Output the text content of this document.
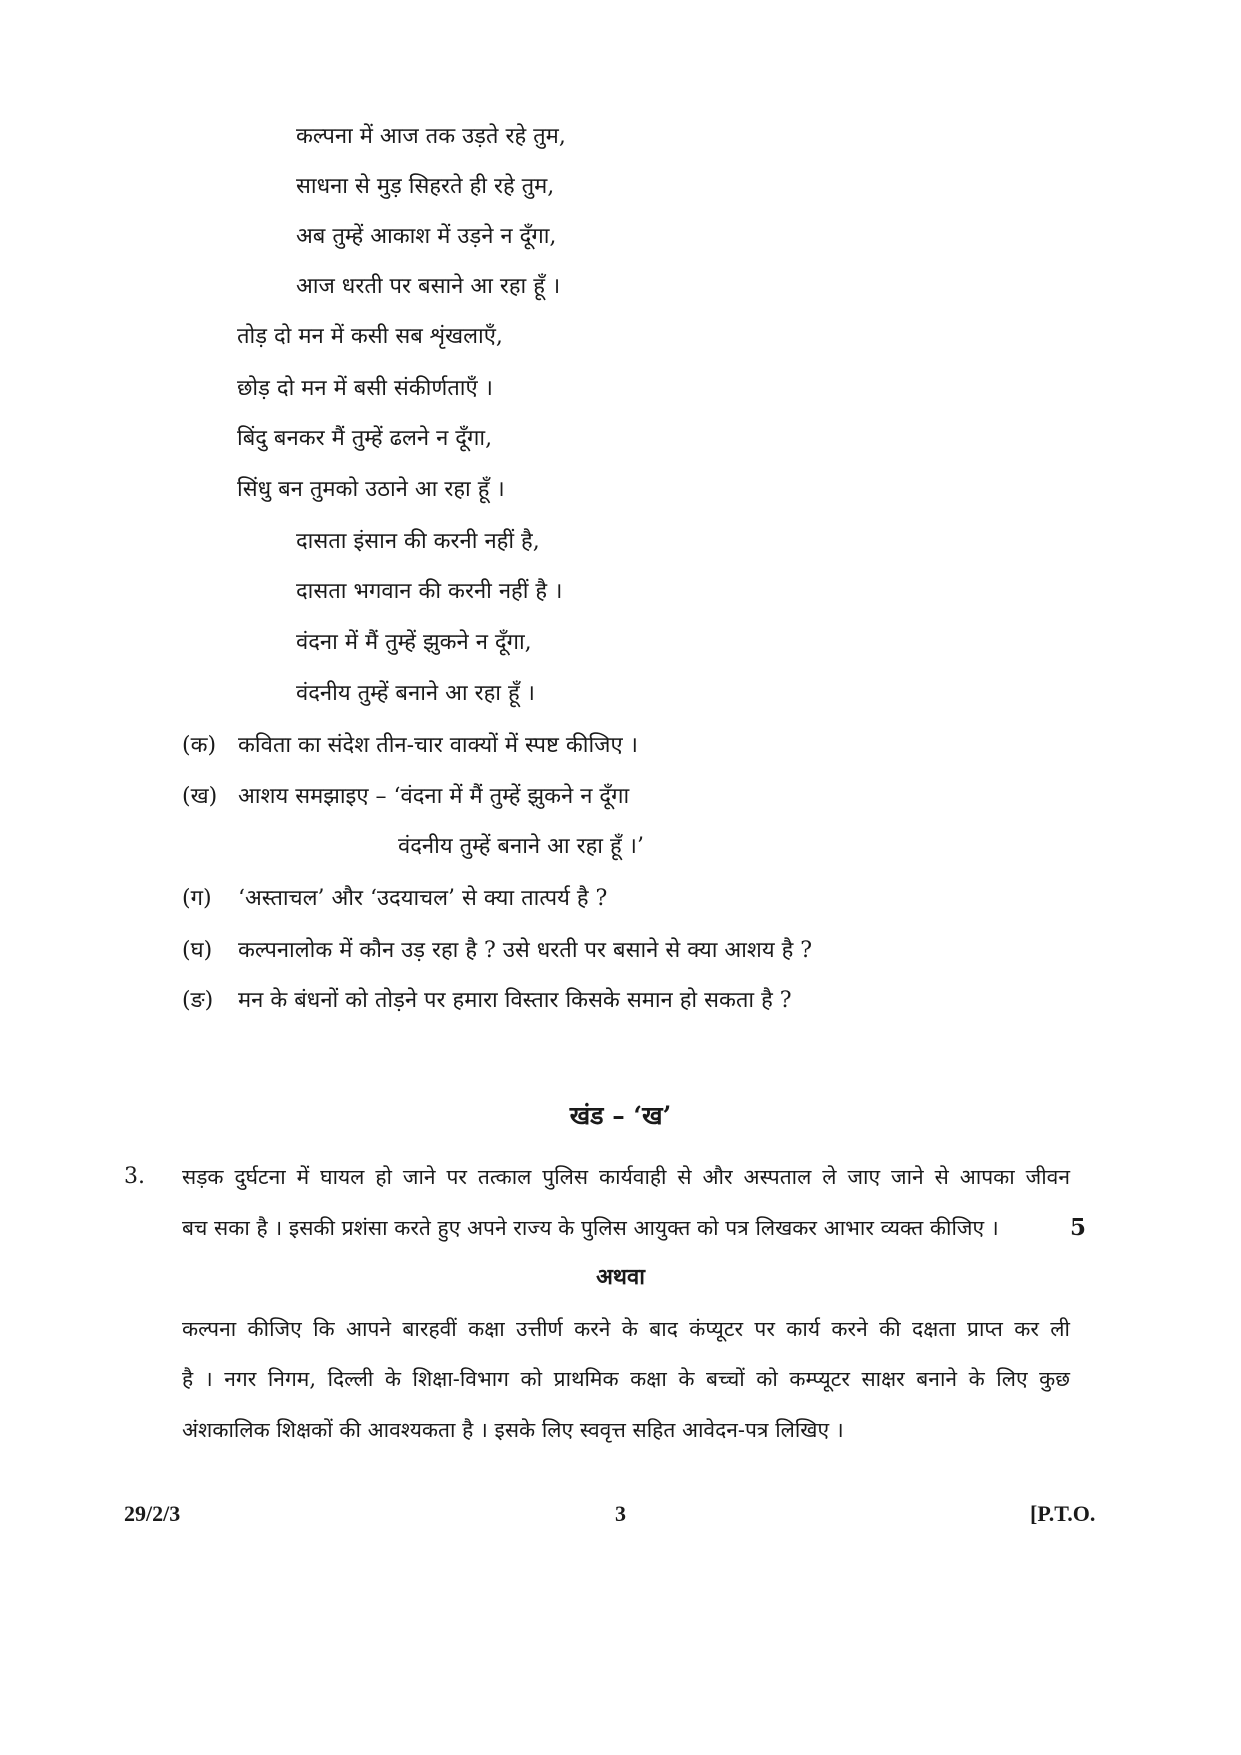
कल्पना में आज तक उड़ते रहे तुम,
साधना से मुड़ सिहरते ही रहे तुम,
अब तुम्हें आकाश में उड़ने न दूँगा,
आज धरती पर बसाने आ रहा हूँ ।
तोड़ दो मन में कसी सब शृंखलाएँ,
छोड़ दो मन में बसी संकीर्णताएँ ।
बिंदु बनकर मैं तुम्हें ढलने न दूँगा,
सिंधु बन तुमको उठाने आ रहा हूँ ।
दासता इंसान की करनी नहीं है,
दासता भगवान की करनी नहीं है ।
वंदना में मैं तुम्हें झुकने न दूँगा,
वंदनीय तुम्हें बनाने आ रहा हूँ ।
(क) कविता का संदेश तीन-चार वाक्यों में स्पष्ट कीजिए ।
(ख) आशय समझाइए – ‘वंदना में मैं तुम्हें झुकने न दूँगा
वंदनीय तुम्हें बनाने आ रहा हूँ ।’
(ग) ‘अस्ताचल’ और ‘उदयाचल’ से क्या तात्पर्य है ?
(घ) कल्पनालोक में कौन उड़ रहा है ? उसे धरती पर बसाने से क्या आशय है ?
(ङ) मन के बंधनों को तोड़ने पर हमारा विस्तार किसके समान हो सकता है ?
खंड – ‘ख’
3. सड़क दुर्घटना में घायल हो जाने पर तत्काल पुलिस कार्यवाही से और अस्पताल ले जाए जाने से आपका जीवन
बच सका है । इसकी प्रशंसा करते हुए अपने राज्य के पुलिस आयुक्त को पत्र लिखकर आभार व्यक्त कीजिए ।	5
अथवा
कल्पना कीजिए कि आपने बारहवीं कक्षा उत्तीर्ण करने के बाद कंप्यूटर पर कार्य करने की दक्षता प्राप्त कर ली
है । नगर निगम, दिल्ली के शिक्षा-विभाग को प्राथमिक कक्षा के बच्चों को कम्प्यूटर साक्षर बनाने के लिए कुछ
अंशकालिक शिक्षकों की आवश्यकता है । इसके लिए स्ववृत्त सहित आवेदन-पत्र लिखिए ।
29/2/3	3	[P.T.O.
